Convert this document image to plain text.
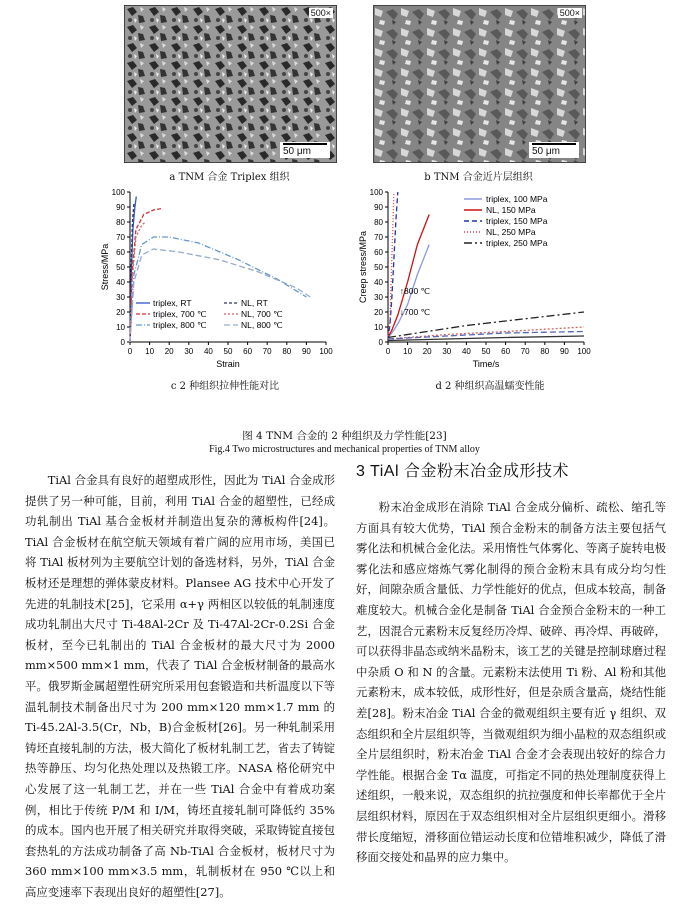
500×
50 μm
a TNM 合金 Triplex 组织
500×
50 μm
b TNM 合金近片层组织
0 10 20 30 40 50 60 70 80 90 100
0
10
20
30
40
50
60
70
80
90
100
Strain
Stress/MPa
triplex, RT
triplex, 700 ℃
triplex, 800 ℃
NL, RT
NL, 700 ℃
NL, 800 ℃
c 2 种组织拉伸性能对比
0 10 20 30 40 50 60 70 80 90 100
0
10
20
30
40
50
60
70
80
90
100
Time/s
Creep stress/MPa
triplex, 100 MPa
NL, 150 MPa
triplex, 150 MPa
NL, 250 MPa
triplex, 250 MPa
↑800 ℃
↓700 ℃
d 2 种组织高温蠕变性能
图 4 TNM 合金的 2 种组织及力学性能[23]
Fig.4 Two microstructures and mechanical properties of TNM alloy

TiAl 合金具有良好的超塑成形性，因此为 TiAl 合金成形提供了另一种可能，目前，利用 TiAl 合金的超塑性，已经成功轧制出 TiAl 基合金板材并制造出复杂的薄板构件[24]。TiAl 合金板材在航空航天领域有着广阔的应用市场，美国已将 TiAl 板材列为主要航空计划的备选材料，另外，TiAl 合金板材还是理想的弹体蒙皮材料。Plansee AG 技术中心开发了先进的轧制技术[25]，它采用 α+γ 两相区以较低的轧制速度成功轧制出大尺寸 Ti-48Al-2Cr 及 Ti-47Al-2Cr-0.2Si 合金板材，至今已轧制出的 TiAl 合金板材的最大尺寸为 2000 mm×500 mm×1 mm，代表了 TiAl 合金板材制备的最高水平。俄罗斯金属超塑性研究所采用包套锻造和共析温度以下等温轧制技术制备出尺寸为 200 mm×120 mm×1.7 mm 的 Ti-45.2Al-3.5(Cr，Nb，B)合金板材[26]。另一种轧制采用铸坯直接轧制的方法，极大简化了板材轧制工艺，省去了铸锭热等静压、均匀化热处理以及热锻工序。NASA 格伦研究中心发展了这一轧制工艺，并在一些 TiAl 合金中有着成功案例，相比于传统 P/M 和 I/M，铸坯直接轧制可降低约 35% 的成本。国内也开展了相关研究并取得突破，采取铸锭直接包套热轧的方法成功制备了高 Nb-TiAl 合金板材，板材尺寸为 360 mm×100 mm×3.5 mm，轧制板材在 950 ℃以上和高应变速率下表现出良好的超塑性[27]。

3 TiAl 合金粉末冶金成形技术

粉末冶金成形在消除 TiAl 合金成分偏析、疏松、缩孔等方面具有较大优势，TiAl 预合金粉末的制备方法主要包括气雾化法和机械合金化法。采用惰性气体雾化、等离子旋转电极雾化法和感应熔炼气雾化制得的预合金粉末具有成分均匀性好，间隙杂质含量低、力学性能好的优点，但成本较高，制备难度较大。机械合金化是制备 TiAl 合金预合金粉末的一种工艺，因混合元素粉末反复经历冷焊、破碎、再冷焊、再破碎，可以获得非晶态或纳米晶粉末，该工艺的关键是控制球磨过程中杂质 O 和 N 的含量。元素粉末法使用 Ti 粉、Al 粉和其他元素粉末，成本较低，成形性好，但是杂质含量高，烧结性能差[28]。粉末冶金 TiAl 合金的微观组织主要有近 γ 组织、双态组织和全片层组织等，当微观组织为细小晶粒的双态组织或全片层组织时，粉末冶金 TiAl 合金才会表现出较好的综合力学性能。根据合金 Tα 温度，可指定不同的热处理制度获得上述组织，一般来说，双态组织的抗拉强度和伸长率都优于全片层组织材料，原因在于双态组织相对全片层组织更细小。滑移带长度缩短，滑移面位错运动长度和位错堆积减少，降低了滑移面交接处和晶界的应力集中。
